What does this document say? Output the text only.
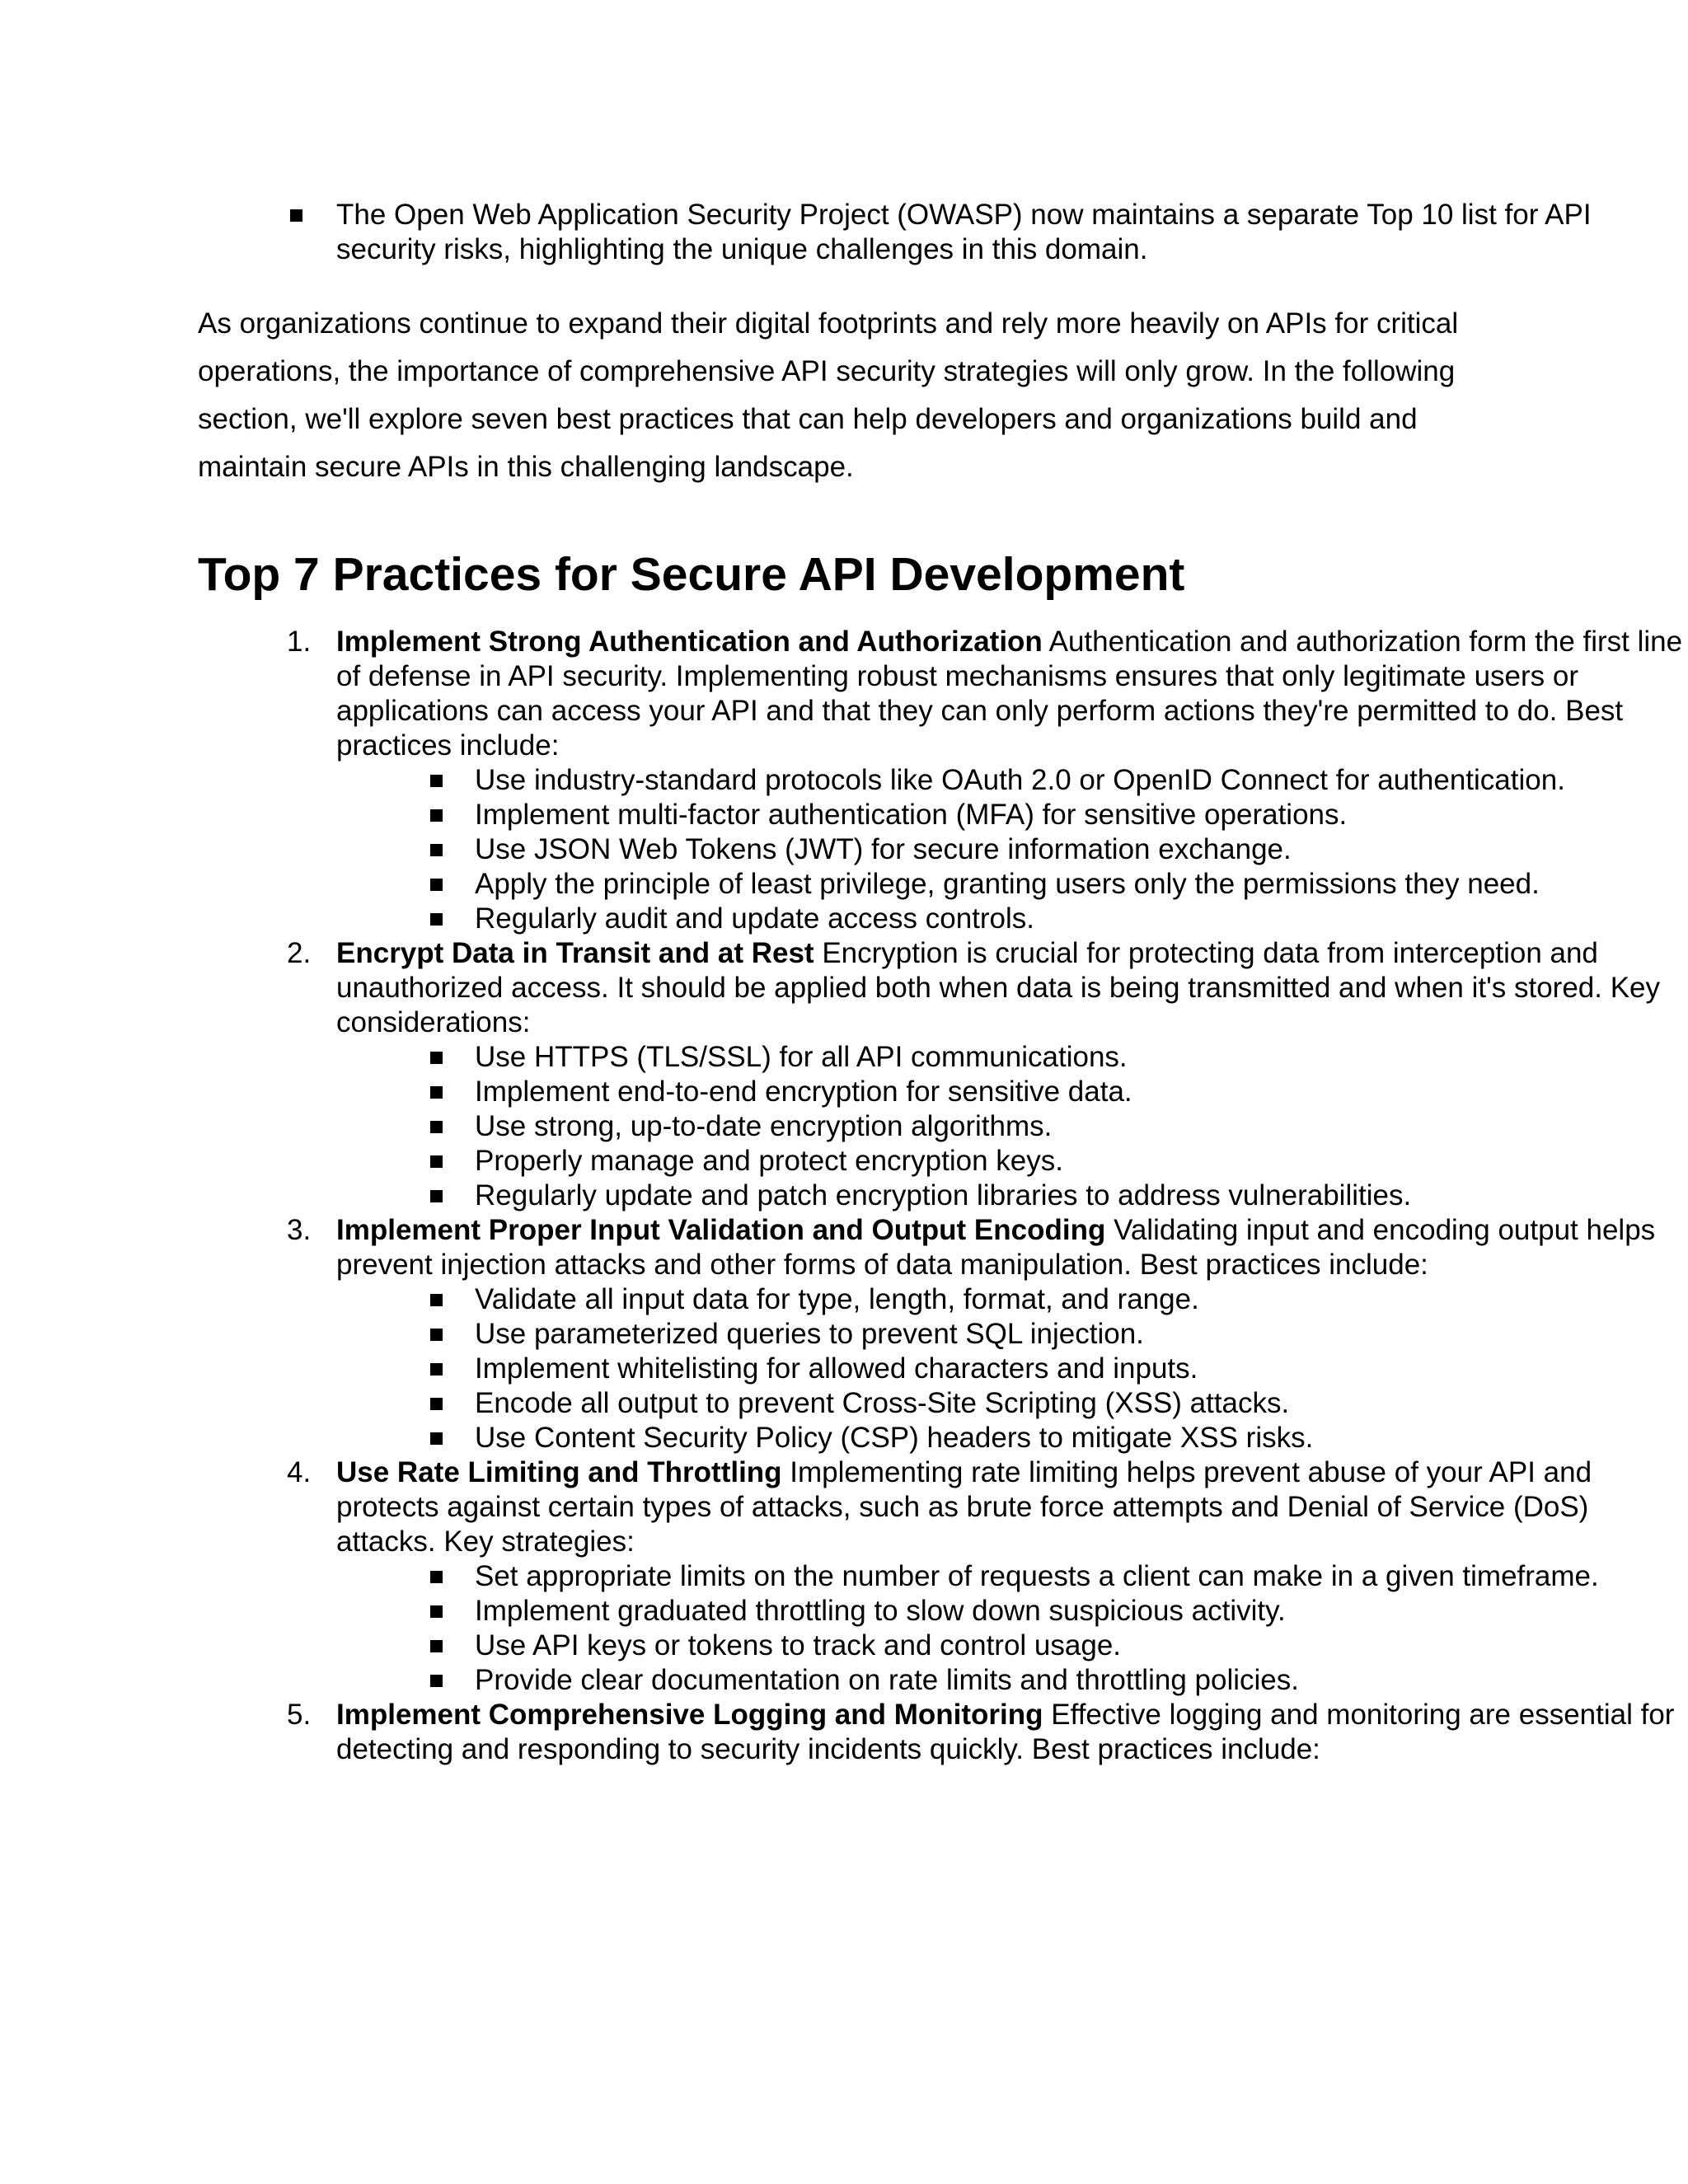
The Open Web Application Security Project (OWASP) now maintains a separate Top 10 list for API security risks, highlighting the unique challenges in this domain.

As organizations continue to expand their digital footprints and rely more heavily on APIs for critical operations, the importance of comprehensive API security strategies will only grow. In the following section, we'll explore seven best practices that can help developers and organizations build and maintain secure APIs in this challenging landscape.

Top 7 Practices for Secure API Development
1. Implement Strong Authentication and Authorization Authentication and authorization form the first line of defense in API security. Implementing robust mechanisms ensures that only legitimate users or applications can access your API and that they can only perform actions they're permitted to do. Best practices include:
Use industry-standard protocols like OAuth 2.0 or OpenID Connect for authentication.
Implement multi-factor authentication (MFA) for sensitive operations.
Use JSON Web Tokens (JWT) for secure information exchange.
Apply the principle of least privilege, granting users only the permissions they need.
Regularly audit and update access controls.
2. Encrypt Data in Transit and at Rest Encryption is crucial for protecting data from interception and unauthorized access. It should be applied both when data is being transmitted and when it's stored. Key considerations:
Use HTTPS (TLS/SSL) for all API communications.
Implement end-to-end encryption for sensitive data.
Use strong, up-to-date encryption algorithms.
Properly manage and protect encryption keys.
Regularly update and patch encryption libraries to address vulnerabilities.
3. Implement Proper Input Validation and Output Encoding Validating input and encoding output helps prevent injection attacks and other forms of data manipulation. Best practices include:
Validate all input data for type, length, format, and range.
Use parameterized queries to prevent SQL injection.
Implement whitelisting for allowed characters and inputs.
Encode all output to prevent Cross-Site Scripting (XSS) attacks.
Use Content Security Policy (CSP) headers to mitigate XSS risks.
4. Use Rate Limiting and Throttling Implementing rate limiting helps prevent abuse of your API and protects against certain types of attacks, such as brute force attempts and Denial of Service (DoS) attacks. Key strategies:
Set appropriate limits on the number of requests a client can make in a given timeframe.
Implement graduated throttling to slow down suspicious activity.
Use API keys or tokens to track and control usage.
Provide clear documentation on rate limits and throttling policies.
5. Implement Comprehensive Logging and Monitoring Effective logging and monitoring are essential for detecting and responding to security incidents quickly. Best practices include:
